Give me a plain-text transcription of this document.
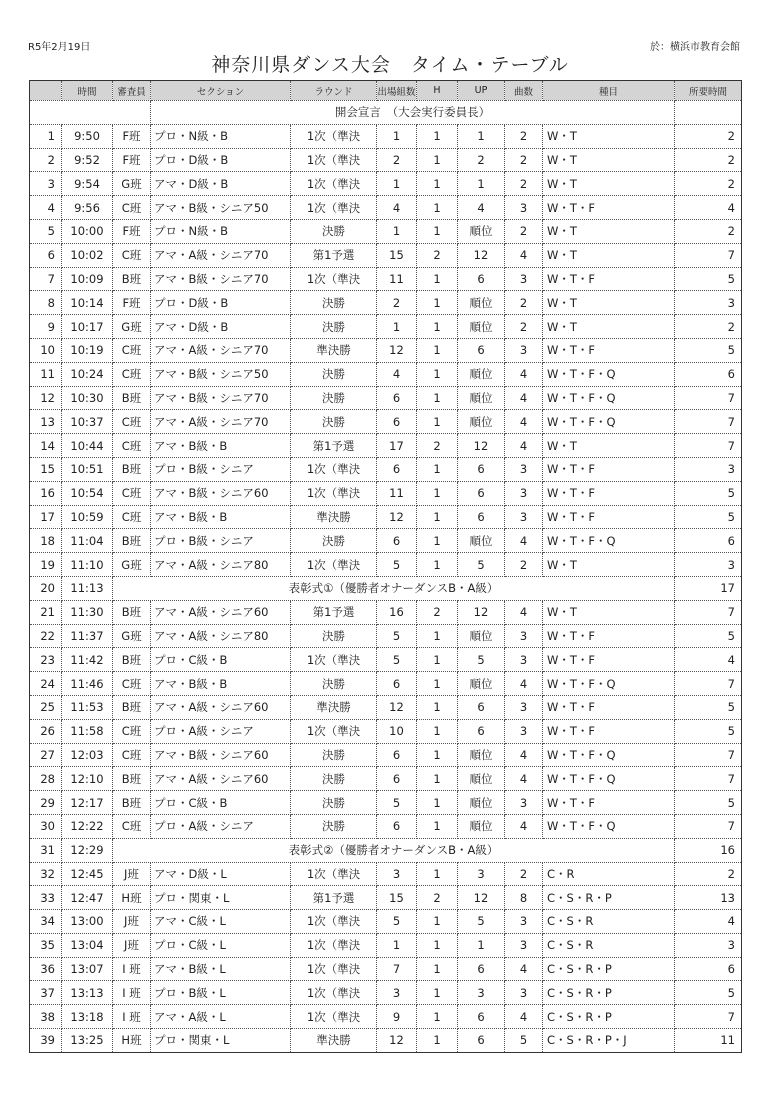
R5年2月19日
神奈川県ダンス大会　タイム・テーブル
於：横浜市教育会館
	時間	審査員	セクション	ラウンド	出場組数	H	UP	曲数	種目	所要時間
			開会宣言　（大会実行委員長）							
1	9:50	F班	プロ・N級・B	1次（準決	1	1	1	2	W・T	2
2	9:52	F班	プロ・D級・B	1次（準決	2	1	2	2	W・T	2
3	9:54	G班	アマ・D級・B	1次（準決	1	1	1	2	W・T	2
4	9:56	C班	アマ・B級・シニア50	1次（準決	4	1	4	3	W・T・F	4
5	10:00	F班	プロ・N級・B	決勝	1	1	順位	2	W・T	2
6	10:02	C班	アマ・A級・シニア70	第1予選	15	2	12	4	W・T	7
7	10:09	B班	アマ・B級・シニア70	1次（準決	11	1	6	3	W・T・F	5
8	10:14	F班	プロ・D級・B	決勝	2	1	順位	2	W・T	3
9	10:17	G班	アマ・D級・B	決勝	1	1	順位	2	W・T	2
10	10:19	C班	アマ・A級・シニア70	準決勝	12	1	6	3	W・T・F	5
11	10:24	C班	アマ・B級・シニア50	決勝	4	1	順位	4	W・T・F・Q	6
12	10:30	B班	アマ・B級・シニア70	決勝	6	1	順位	4	W・T・F・Q	7
13	10:37	C班	アマ・A級・シニア70	決勝	6	1	順位	4	W・T・F・Q	7
14	10:44	C班	アマ・B級・B	第1予選	17	2	12	4	W・T	7
15	10:51	B班	プロ・B級・シニア	1次（準決	6	1	6	3	W・T・F	3
16	10:54	C班	アマ・B級・シニア60	1次（準決	11	1	6	3	W・T・F	5
17	10:59	C班	アマ・B級・B	準決勝	12	1	6	3	W・T・F	5
18	11:04	B班	プロ・B級・シニア	決勝	6	1	順位	4	W・T・F・Q	6
19	11:10	G班	アマ・A級・シニア80	1次（準決	5	1	5	2	W・T	3
20	11:13	表彰式①（優勝者オナーダンスB・A級）								17
21	11:30	B班	アマ・A級・シニア60	第1予選	16	2	12	4	W・T	7
22	11:37	G班	アマ・A級・シニア80	決勝	5	1	順位	3	W・T・F	5
23	11:42	B班	プロ・C級・B	1次（準決	5	1	5	3	W・T・F	4
24	11:46	C班	アマ・B級・B	決勝	6	1	順位	4	W・T・F・Q	7
25	11:53	B班	アマ・A級・シニア60	準決勝	12	1	6	3	W・T・F	5
26	11:58	C班	プロ・A級・シニア	1次（準決	10	1	6	3	W・T・F	5
27	12:03	C班	アマ・B級・シニア60	決勝	6	1	順位	4	W・T・F・Q	7
28	12:10	B班	アマ・A級・シニア60	決勝	6	1	順位	4	W・T・F・Q	7
29	12:17	B班	プロ・C級・B	決勝	5	1	順位	3	W・T・F	5
30	12:22	C班	プロ・A級・シニア	決勝	6	1	順位	4	W・T・F・Q	7
31	12:29	表彰式②（優勝者オナーダンスB・A級）								16
32	12:45	J班	アマ・D級・L	1次（準決	3	1	3	2	C・R	2
33	12:47	H班	プロ・関東・L	第1予選	15	2	12	8	C・S・R・P	13
34	13:00	J班	アマ・C級・L	1次（準決	5	1	5	3	C・S・R	4
35	13:04	J班	プロ・C級・L	1次（準決	1	1	1	3	C・S・R	3
36	13:07	I 班	アマ・B級・L	1次（準決	7	1	6	4	C・S・R・P	6
37	13:13	I 班	プロ・B級・L	1次（準決	3	1	3	3	C・S・R・P	5
38	13:18	I 班	アマ・A級・L	1次（準決	9	1	6	4	C・S・R・P	7
39	13:25	H班	プロ・関東・L	準決勝	12	1	6	5	C・S・R・P・J	11
